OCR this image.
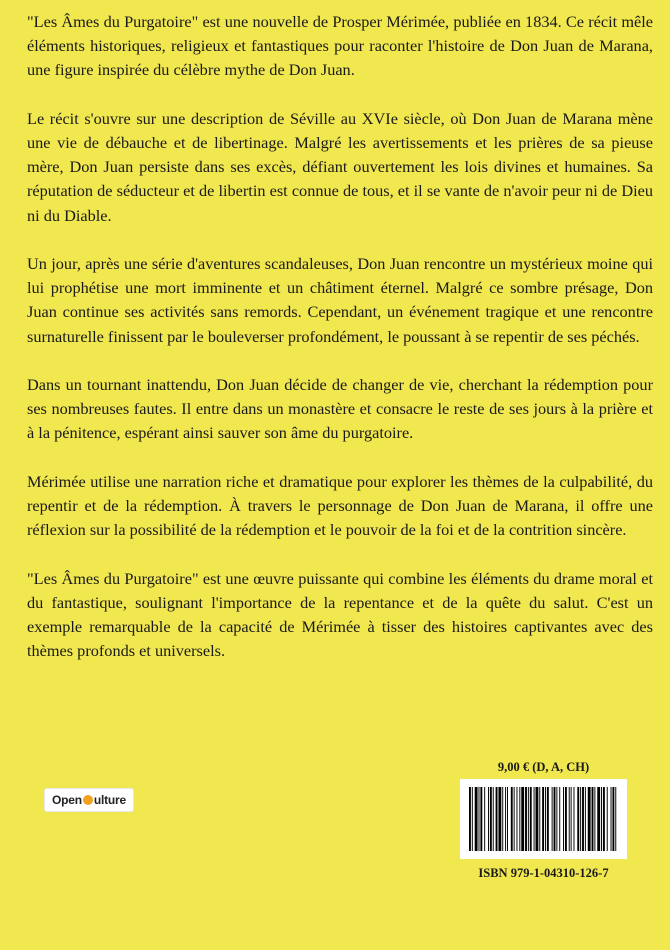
"Les Âmes du Purgatoire" est une nouvelle de Prosper Mérimée, publiée en 1834. Ce récit mêle éléments historiques, religieux et fantastiques pour raconter l'histoire de Don Juan de Marana, une figure inspirée du célèbre mythe de Don Juan.

Le récit s'ouvre sur une description de Séville au XVIe siècle, où Don Juan de Marana mène une vie de débauche et de libertinage. Malgré les avertissements et les prières de sa pieuse mère, Don Juan persiste dans ses excès, défiant ouvertement les lois divines et humaines. Sa réputation de séducteur et de libertin est connue de tous, et il se vante de n'avoir peur ni de Dieu ni du Diable.

Un jour, après une série d'aventures scandaleuses, Don Juan rencontre un mystérieux moine qui lui prophétise une mort imminente et un châtiment éternel. Malgré ce sombre présage, Don Juan continue ses activités sans remords. Cependant, un événement tragique et une rencontre surnaturelle finissent par le bouleverser profondément, le poussant à se repentir de ses péchés.

Dans un tournant inattendu, Don Juan décide de changer de vie, cherchant la rédemption pour ses nombreuses fautes. Il entre dans un monastère et consacre le reste de ses jours à la prière et à la pénitence, espérant ainsi sauver son âme du purgatoire.

Mérimée utilise une narration riche et dramatique pour explorer les thèmes de la culpabilité, du repentir et de la rédemption. À travers le personnage de Don Juan de Marana, il offre une réflexion sur la possibilité de la rédemption et le pouvoir de la foi et de la contrition sincère.

"Les Âmes du Purgatoire" est une œuvre puissante qui combine les éléments du drame moral et du fantastique, soulignant l'importance de la repentance et de la quête du salut. C'est un exemple remarquable de la capacité de Mérimée à tisser des histoires captivantes avec des thèmes profonds et universels.

Open ulture
9,00 € (D, A, CH)
ISBN 979-1-04310-126-7
